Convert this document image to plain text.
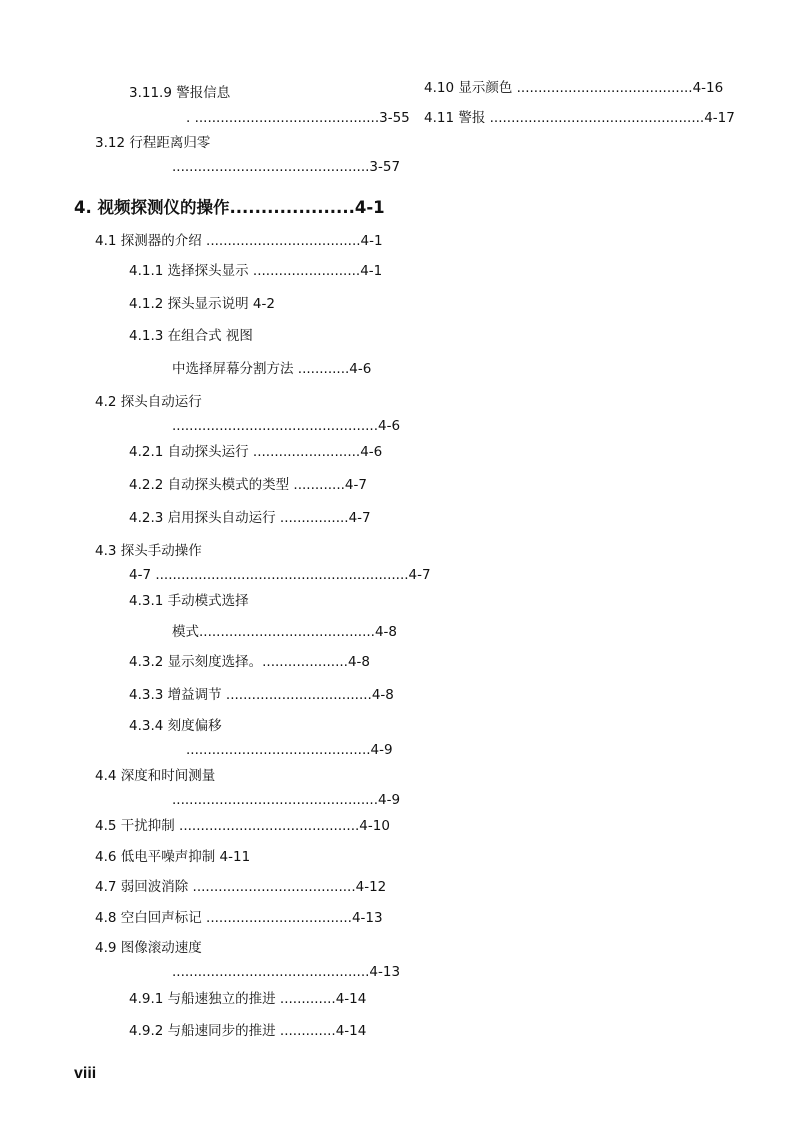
3.11.9 警报信息
. ...........................................3-55
3.12 行程距离归零
..............................................3-57
4. 视频探测仪的操作....................4-1
4.1 探测器的介绍 ....................................4-1
4.1.1 选择探头显示 .........................4-1
4.1.2 探头显示说明 4-2
4.1.3 在组合式 视图
中选择屏幕分割方法 ............4-6
4.2 探头自动运行
................................................4-6
4.2.1 自动探头运行 .........................4-6
4.2.2 自动探头模式的类型 ............4-7
4.2.3 启用探头自动运行 ................4-7
4.3 探头手动操作
4-7 ...........................................................4-7
4.3.1 手动模式选择
模式.........................................4-8
4.3.2 显示刻度选择。....................4-8
4.3.3 增益调节 ..................................4-8
4.3.4 刻度偏移
...........................................4-9
4.4 深度和时间测量
................................................4-9
4.5 干扰抑制 ..........................................4-10
4.6 低电平噪声抑制 4-11
4.7 弱回波消除 ......................................4-12
4.8 空白回声标记 ..................................4-13
4.9 图像滚动速度
..............................................4-13
4.9.1 与船速独立的推进 .............4-14
4.9.2 与船速同步的推进 .............4-14
4.10 显示颜色 .........................................4-16
4.11 警报 ..................................................4-17
viii
